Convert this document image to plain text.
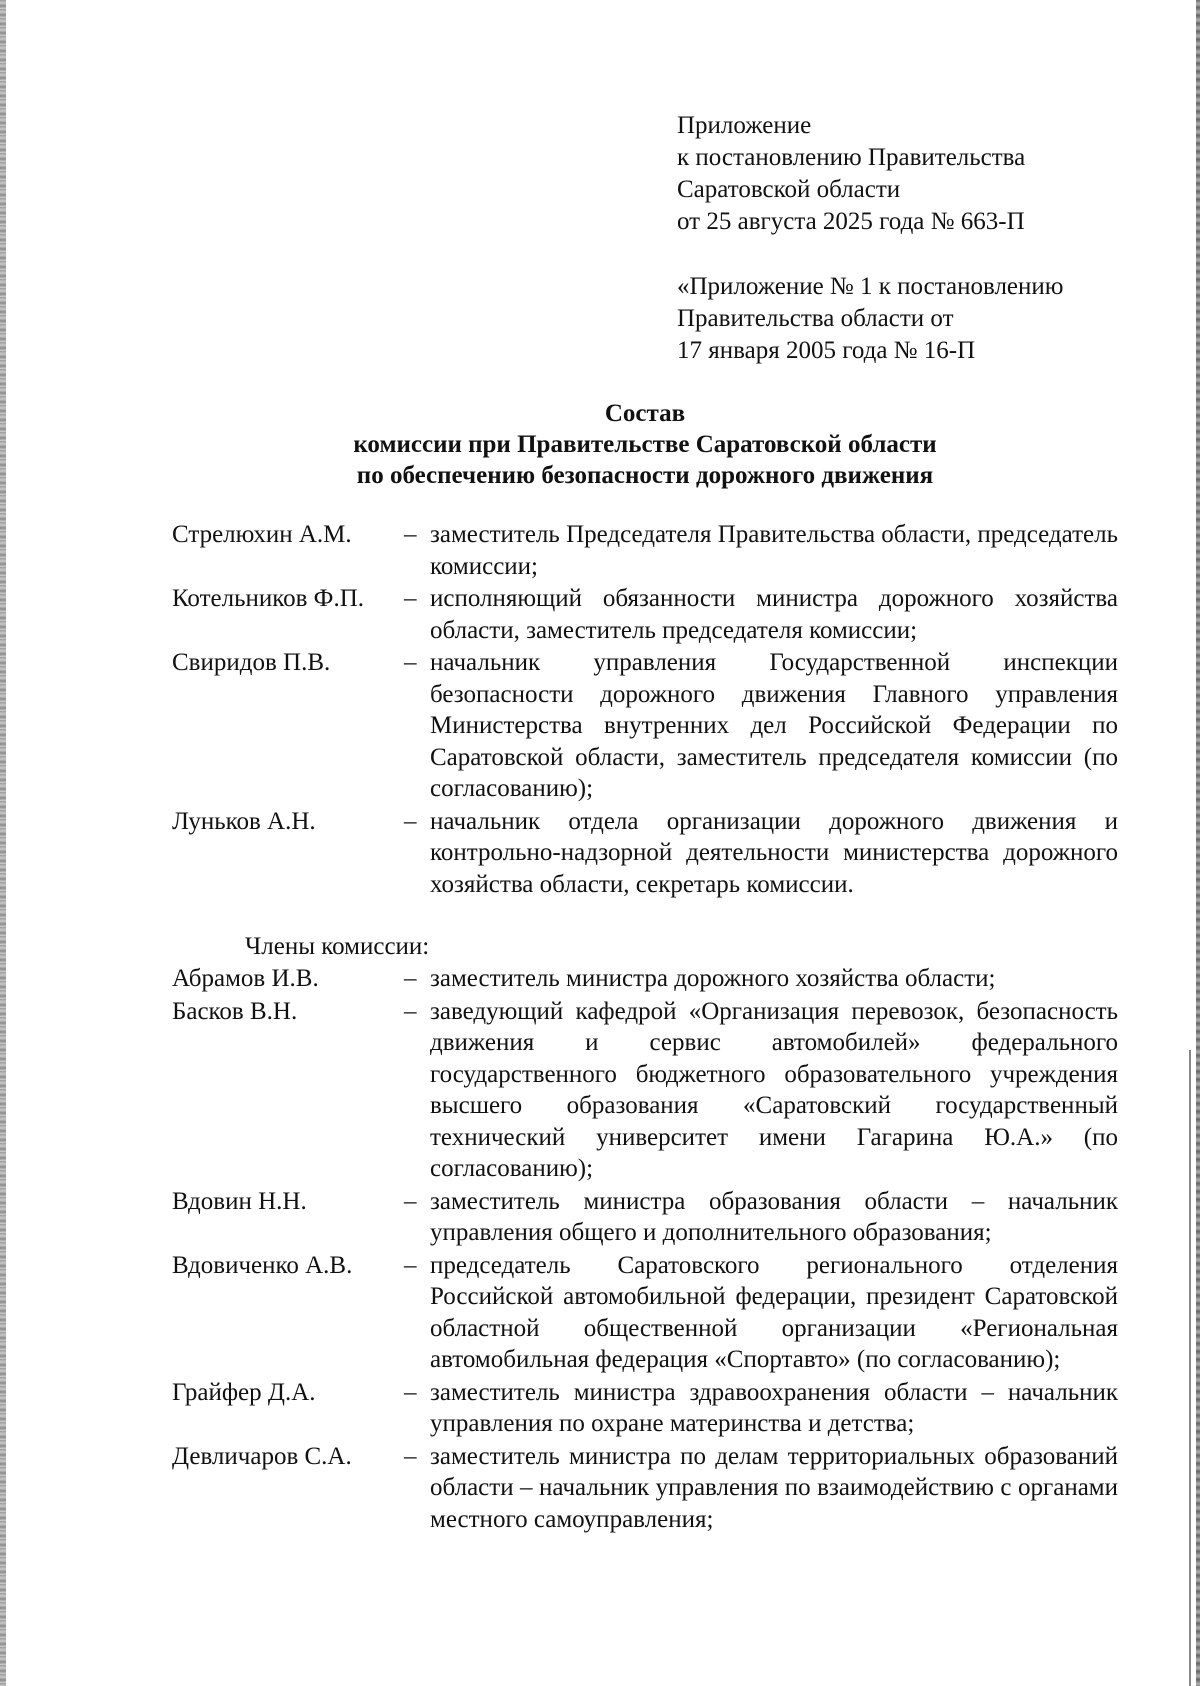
Приложение
к постановлению Правительства
Саратовской области
от 25 августа 2025 года № 663-П
«Приложение № 1 к постановлению
Правительства области от
17 января 2005 года № 16-П
Состав
комиссии при Правительстве Саратовской области
по обеспечению безопасности дорожного движения
Стрелюхин А.М.	– заместитель Председателя Правительства области, председатель комиссии;
Котельников Ф.П.	– исполняющий обязанности министра дорожного хозяйства области, заместитель председателя комиссии;
Свиридов П.В.	– начальник управления Государственной инспекции безопасности дорожного движения Главного управления Министерства внутренних дел Российской Федерации по Саратовской области, заместитель председателя комиссии (по согласованию);
Луньков А.Н.	– начальник отдела организации дорожного движения и контрольно-надзорной деятельности министерства дорожного хозяйства области, секретарь комиссии.
Члены комиссии:
Абрамов И.В.	– заместитель министра дорожного хозяйства области;
Басков В.Н.	– заведующий кафедрой «Организация перевозок, безопасность движения и сервис автомобилей» федерального государственного бюджетного образовательного учреждения высшего образования «Саратовский государственный технический университет имени Гагарина Ю.А.» (по согласованию);
Вдовин Н.Н.	– заместитель министра образования области – начальник управления общего и дополнительного образования;
Вдовиченко А.В.	– председатель Саратовского регионального отделения Российской автомобильной федерации, президент Саратовской областной общественной организации «Региональная автомобильная федерация «Спортавто» (по согласованию);
Грайфер Д.А.	– заместитель министра здравоохранения области – начальник управления по охране материнства и детства;
Девличаров С.А.	– заместитель министра по делам территориальных образований области – начальник управления по взаимодействию с органами местного самоуправления;
